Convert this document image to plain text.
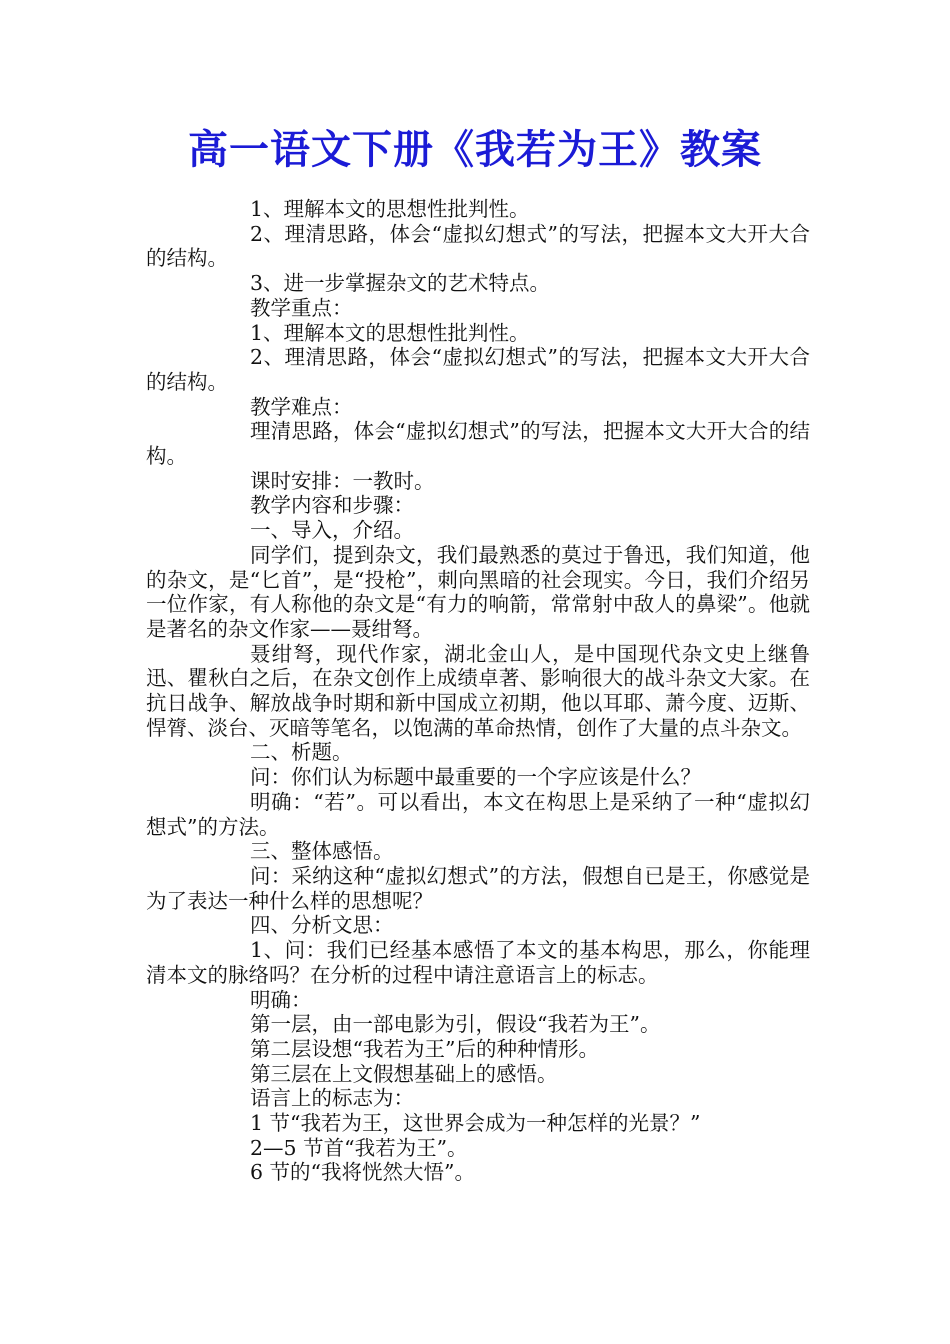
高一语文下册《我若为王》教案

1、理解本文的思想性批判性。

2、理清思路，体会“虚拟幻想式”的写法，把握本文大开大合的结构。

3、进一步掌握杂文的艺术特点。

教学重点：

1、理解本文的思想性批判性。

2、理清思路，体会“虚拟幻想式”的写法，把握本文大开大合的结构。

教学难点：

理清思路，体会“虚拟幻想式”的写法，把握本文大开大合的结构。

课时安排：一教时。

教学内容和步骤：

一、导入，介绍。

同学们，提到杂文，我们最熟悉的莫过于鲁迅，我们知道，他的杂文，是“匕首”，是“投枪”，刺向黑暗的社会现实。今日，我们介绍另一位作家，有人称他的杂文是“有力的响箭，常常射中敌人的鼻梁”。他就是著名的杂文作家——聂绀弩。

聂绀弩，现代作家，湖北金山人，是中国现代杂文史上继鲁迅、瞿秋白之后，在杂文创作上成绩卓著、影响很大的战斗杂文大家。在抗日战争、解放战争时期和新中国成立初期，他以耳耶、萧今度、迈斯、悍膂、淡台、灭暗等笔名，以饱满的革命热情，创作了大量的点斗杂文。

二、析题。

问：你们认为标题中最重要的一个字应该是什么？

明确：“若”。可以看出，本文在构思上是采纳了一种“虚拟幻想式”的方法。

三、整体感悟。

问：采纳这种“虚拟幻想式”的方法，假想自已是王，你感觉是为了表达一种什么样的思想呢？

四、分析文思：

1、问：我们已经基本感悟了本文的基本构思，那么，你能理清本文的脉络吗？在分析的过程中请注意语言上的标志。

明确：

第一层，由一部电影为引，假设“我若为王”。

第二层设想“我若为王”后的种种情形。

第三层在上文假想基础上的感悟。

语言上的标志为：

1 节“我若为王，这世界会成为一种怎样的光景？”

2—5 节首“我若为王”。

6 节的“我将恍然大悟”。
